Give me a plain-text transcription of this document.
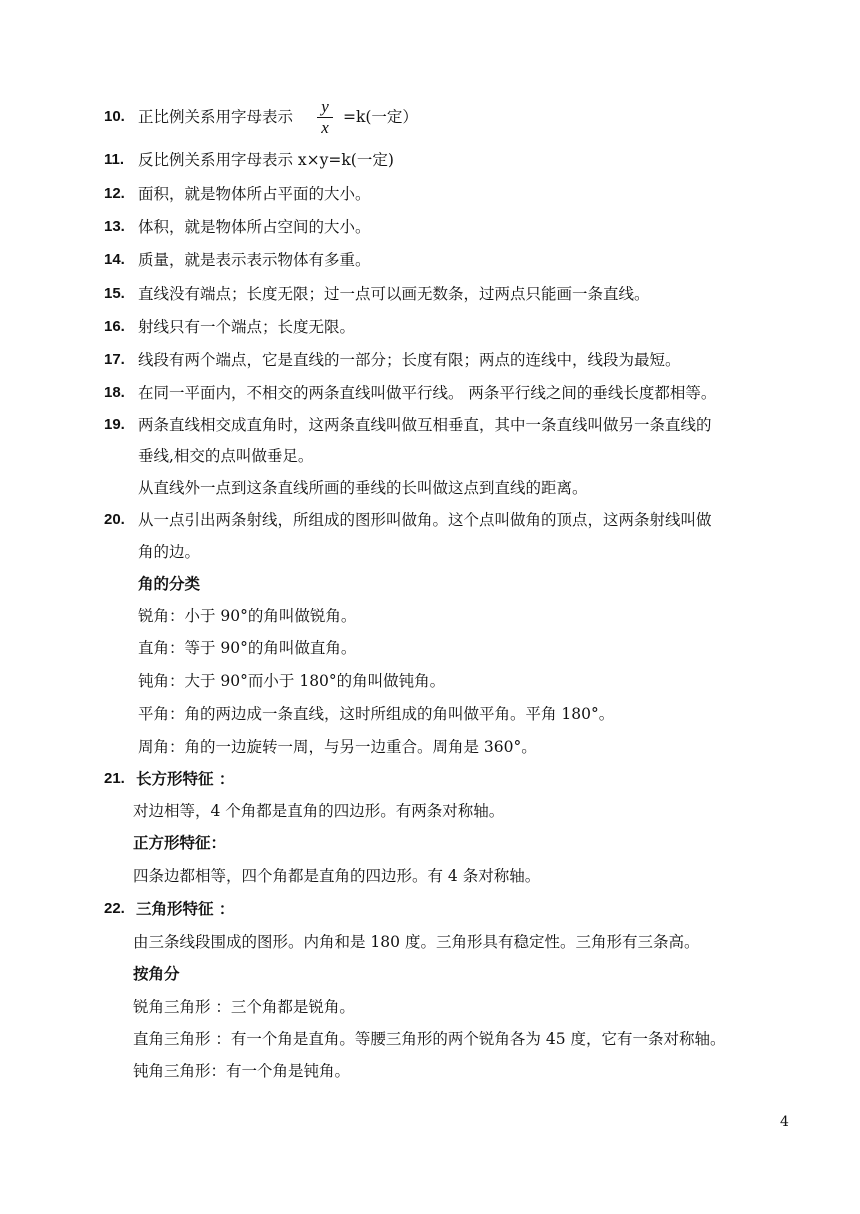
10. 正比例关系用字母表示
y
x
=k(一定）
11. 反比例关系用字母表示 x×y=k(一定)
12. 面积，就是物体所占平面的大小。
13. 体积，就是物体所占空间的大小。
14. 质量，就是表示表示物体有多重。
15. 直线没有端点；长度无限；过一点可以画无数条，过两点只能画一条直线。
16. 射线只有一个端点；长度无限。
17. 线段有两个端点，它是直线的一部分；长度有限；两点的连线中，线段为最短。
18. 在同一平面内，不相交的两条直线叫做平行线。 两条平行线之间的垂线长度都相等。
19. 两条直线相交成直角时，这两条直线叫做互相垂直，其中一条直线叫做另一条直线的
垂线,相交的点叫做垂足。
从直线外一点到这条直线所画的垂线的长叫做这点到直线的距离。
20. 从一点引出两条射线，所组成的图形叫做角。这个点叫做角的顶点，这两条射线叫做
角的边。
角的分类
锐角：小于 90°的角叫做锐角。
直角：等于 90°的角叫做直角。
钝角：大于 90°而小于 180°的角叫做钝角。
平角：角的两边成一条直线，这时所组成的角叫做平角。平角 180°。
周角：角的一边旋转一周，与另一边重合。周角是 360°。
21. 长方形特征 ：
对边相等，4 个角都是直角的四边形。有两条对称轴。
正方形特征：
四条边都相等，四个角都是直角的四边形。有 4 条对称轴。
22. 三角形特征 ：
由三条线段围成的图形。内角和是 180 度。三角形具有稳定性。三角形有三条高。
按角分
锐角三角形 ：三个角都是锐角。
直角三角形 ：有一个角是直角。等腰三角形的两个锐角各为 45 度，它有一条对称轴。
钝角三角形：有一个角是钝角。
4
